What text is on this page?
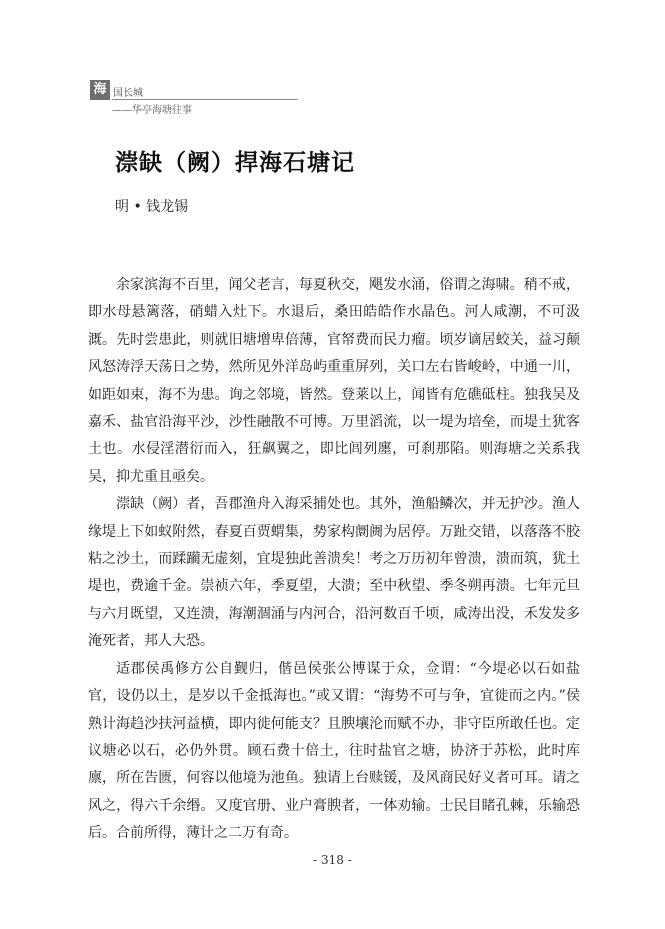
海 国长城
——华亭海塘往事
漴缺（阙）捍海石塘记
明 • 钱龙锡

余家滨海不百里，闻父老言，每夏秋交，飓发水涌，俗谓之海啸。稍不戒，即水母悬篱落，硝蜡入灶下。水退后，桑田皓皓作水晶色。河人咸潮，不可汲溉。先时尝患此，则就旧塘增卑倍薄，官帑费而民力瘤。顷岁谪居蛟关，益习颠风怒涛浮天荡日之势，然所见外洋岛屿重重屏列，关口左右皆峻岭，中通一川，如距如束，海不为患。询之邻境，皆然。登莱以上，闻皆有危礁砥柱。独我吴及嘉禾、盐官沿海平沙，沙性融散不可博。万里滔流，以一堤为培垒，而堤土犹客土也。水侵淫潜衍而入，狂飙翼之，即比闾列廛，可刹那陷。则海塘之关系我吴，抑尤重且亟矣。

漴缺（阙）者，吾郡渔舟入海采捕处也。其外，渔船鳞次，并无护沙。渔人缘堤上下如蚁附然，春夏百贾蝟集，势家构阛阓为居停。万趾交错，以落落不胶粘之沙土，而蹂躏无虚刻，宜堤独此善溃矣！考之万历初年曾溃，溃而筑，犹土堤也，费逾千金。崇祯六年，季夏望，大溃；至中秋望、季冬朔再溃。七年元旦与六月既望，又连溃，海潮涸涌与内河合，沿河数百千顷，咸涛出没，禾发发多淹死者，邦人大恐。

适郡侯禹修方公自觐归，偕邑侯张公博谋于众，佥谓：“今堤必以石如盐官，设仍以土，是岁以千金抵海也。”或又谓：“海势不可与争，宜徙而之内。”侯熟计海趋沙扶河益横，即内徙何能支？且腴壤沦而赋不办，非守臣所敢任也。定议塘必以石，必仍外贯。顾石费十倍土，往时盐官之塘，协济于苏松，此时库廪，所在告匮，何容以他境为池鱼。独请上台赎锾，及风商民好义者可耳。请之风之，得六千余缗。又度官册、业户膏腴者，一体劝输。士民目睹孔棘，乐输恐后。合前所得，薄计之二万有奇。

- 318 -
